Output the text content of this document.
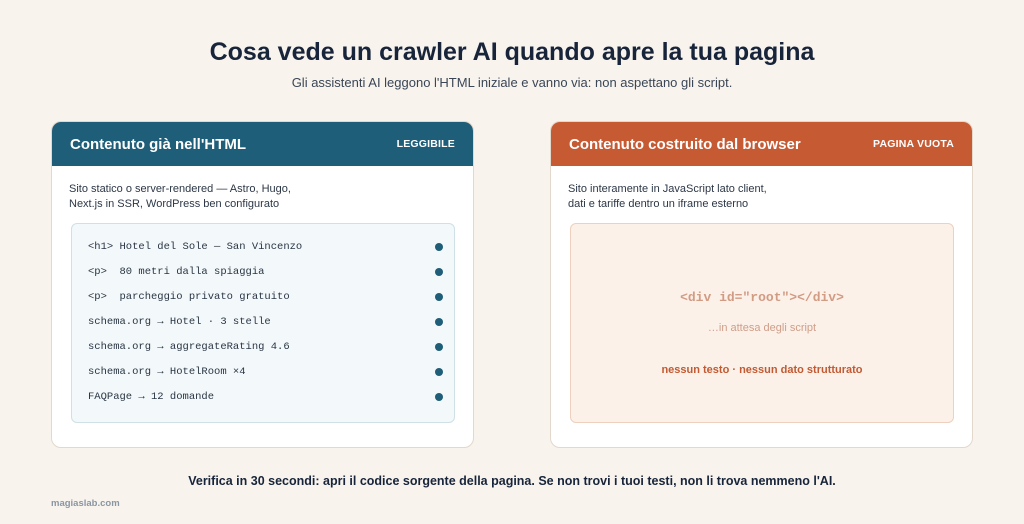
Cosa vede un crawler AI quando apre la tua pagina
Gli assistenti AI leggono l'HTML iniziale e vanno via: non aspettano gli script.
Contenuto già nell'HTML	LEGGIBILE
Sito statico o server-rendered — Astro, Hugo,
Next.js in SSR, WordPress ben configurato
<h1> Hotel del Sole — San Vincenzo
<p>  80 metri dalla spiaggia
<p>  parcheggio privato gratuito
schema.org → Hotel · 3 stelle
schema.org → aggregateRating 4.6
schema.org → HotelRoom ×4
FAQPage → 12 domande
Contenuto costruito dal browser	PAGINA VUOTA
Sito interamente in JavaScript lato client,
dati e tariffe dentro un iframe esterno
<div id="root"></div>
…in attesa degli script
nessun testo · nessun dato strutturato
Verifica in 30 secondi: apri il codice sorgente della pagina. Se non trovi i tuoi testi, non li trova nemmeno l'AI.
magiaslab.com
